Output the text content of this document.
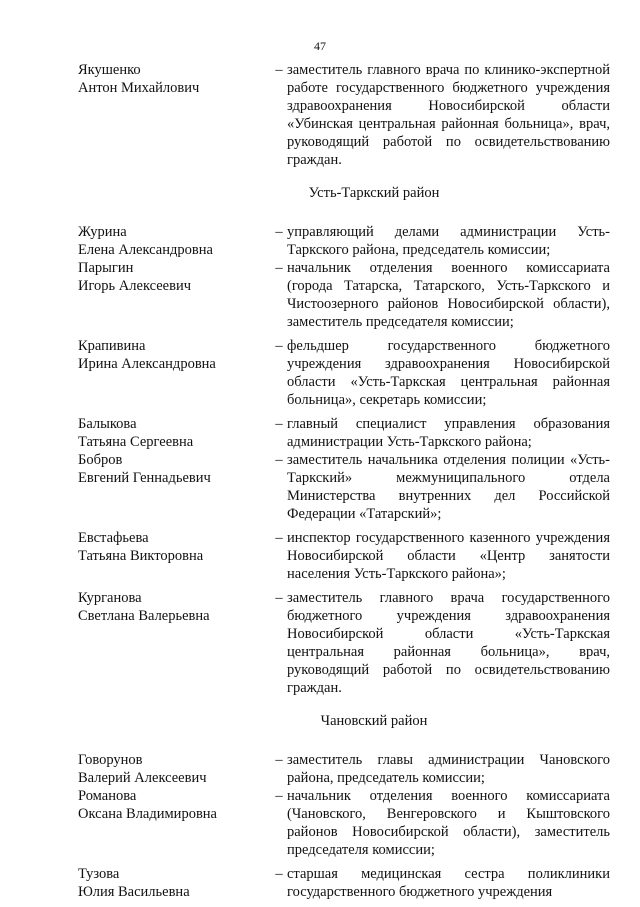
47
Якушенко
Антон Михайлович
– заместитель главного врача по клинико-экспертной работе государственного бюджетного учреждения здравоохранения Новосибирской области «Убинская центральная районная больница», врач, руководящий работой по освидетельствованию граждан.
Усть-Таркский район
Журина
Елена Александровна
– управляющий делами администрации Усть-Таркского района, председатель комиссии;
Парыгин
Игорь Алексеевич
– начальник отделения военного комиссариата (города Татарска, Татарского, Усть-Таркского и Чистоозерного районов Новосибирской области), заместитель председателя комиссии;
Крапивина
Ирина Александровна
– фельдшер государственного бюджетного учреждения здравоохранения Новосибирской области «Усть-Таркская центральная районная больница», секретарь комиссии;
Балыкова
Татьяна Сергеевна
– главный специалист управления образования администрации Усть-Таркского района;
Бобров
Евгений Геннадьевич
– заместитель начальника отделения полиции «Усть-Таркский» межмуниципального отдела Министерства внутренних дел Российской Федерации «Татарский»;
Евстафьева
Татьяна Викторовна
– инспектор государственного казенного учреждения Новосибирской области «Центр занятости населения Усть-Таркского района»;
Курганова
Светлана Валерьевна
– заместитель главного врача государственного бюджетного учреждения здравоохранения Новосибирской области «Усть-Таркская центральная районная больница», врач, руководящий работой по освидетельствованию граждан.
Чановский район
Говорунов
Валерий Алексеевич
– заместитель главы администрации Чановского района, председатель комиссии;
Романова
Оксана Владимировна
– начальник отделения военного комиссариата (Чановского, Венгеровского и Кыштовского районов Новосибирской области), заместитель председателя комиссии;
Тузова
Юлия Васильевна
– старшая медицинская сестра поликлиники государственного бюджетного учреждения
